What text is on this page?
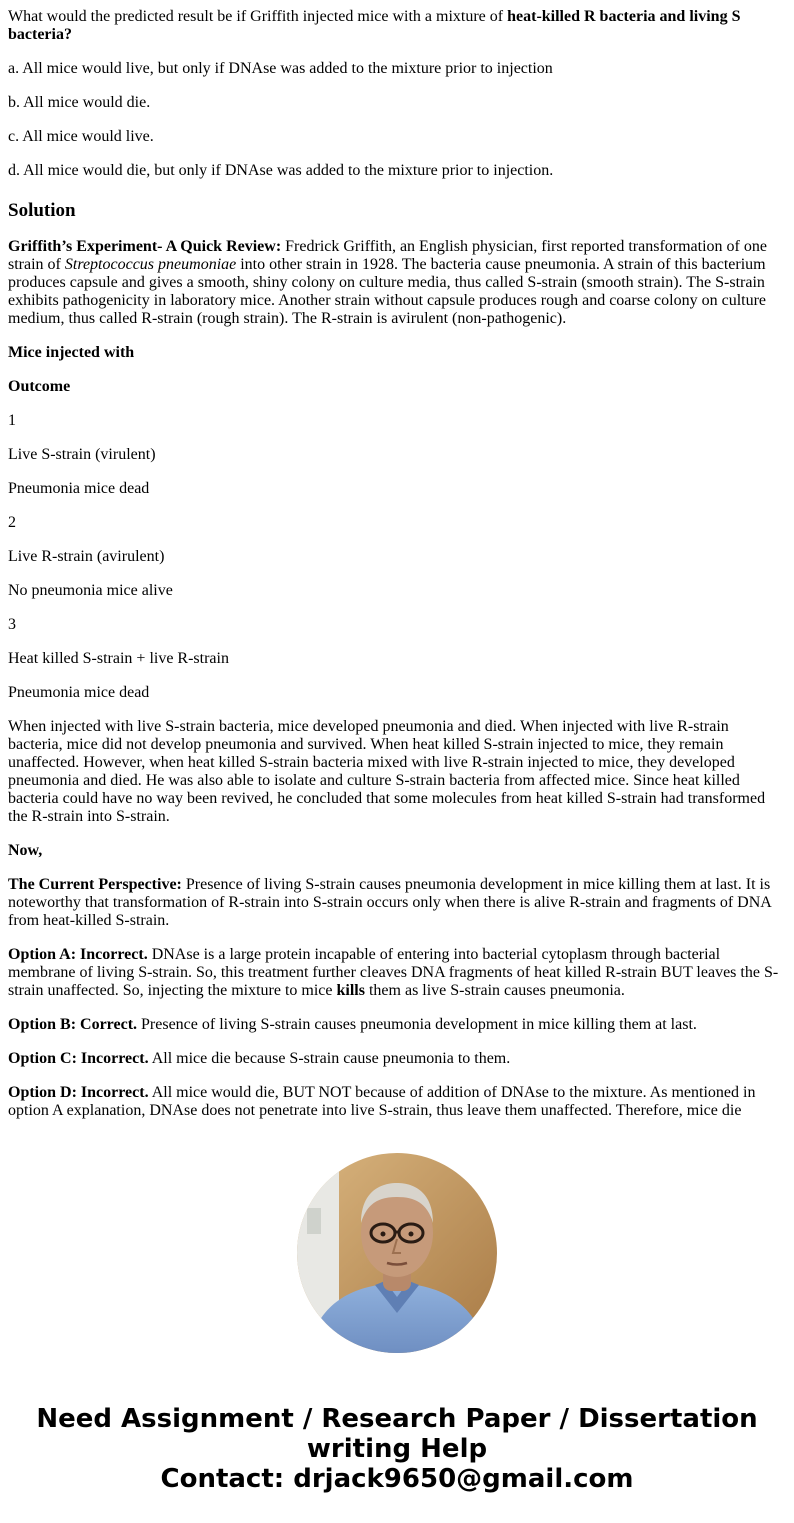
What would the predicted result be if Griffith injected mice with a mixture of heat-killed R bacteria and living S bacteria?

a. All mice would live, but only if DNAse was added to the mixture prior to injection

b. All mice would die.

c. All mice would live.

d. All mice would die, but only if DNAse was added to the mixture prior to injection.

Solution

Griffith’s Experiment- A Quick Review: Fredrick Griffith, an English physician, first reported transformation of one strain of Streptococcus pneumoniae into other strain in 1928. The bacteria cause pneumonia. A strain of this bacterium produces capsule and gives a smooth, shiny colony on culture media, thus called S-strain (smooth strain). The S-strain exhibits pathogenicity in laboratory mice. Another strain without capsule produces rough and coarse colony on culture medium, thus called R-strain (rough strain). The R-strain is avirulent (non-pathogenic).

Mice injected with

Outcome

1

Live S-strain (virulent)

Pneumonia mice dead

2

Live R-strain (avirulent)

No pneumonia mice alive

3

Heat killed S-strain + live R-strain

Pneumonia mice dead

When injected with live S-strain bacteria, mice developed pneumonia and died. When injected with live R-strain bacteria, mice did not develop pneumonia and survived. When heat killed S-strain injected to mice, they remain unaffected. However, when heat killed S-strain bacteria mixed with live R-strain injected to mice, they developed pneumonia and died. He was also able to isolate and culture S-strain bacteria from affected mice. Since heat killed bacteria could have no way been revived, he concluded that some molecules from heat killed S-strain had transformed the R-strain into S-strain.

Now,

The Current Perspective: Presence of living S-strain causes pneumonia development in mice killing them at last. It is noteworthy that transformation of R-strain into S-strain occurs only when there is alive R-strain and fragments of DNA from heat-killed S-strain.

Option A: Incorrect. DNAse is a large protein incapable of entering into bacterial cytoplasm through bacterial membrane of living S-strain. So, this treatment further cleaves DNA fragments of heat killed R-strain BUT leaves the S-strain unaffected. So, injecting the mixture to mice kills them as live S-strain causes pneumonia.

Option B: Correct. Presence of living S-strain causes pneumonia development in mice killing them at last.

Option C: Incorrect. All mice die because S-strain cause pneumonia to them.

Option D: Incorrect. All mice would die, BUT NOT because of addition of DNAse to the mixture. As mentioned in option A explanation, DNAse does not penetrate into live S-strain, thus leave them unaffected. Therefore, mice die

Need Assignment / Research Paper / Dissertation writing Help
Contact: drjack9650@gmail.com
